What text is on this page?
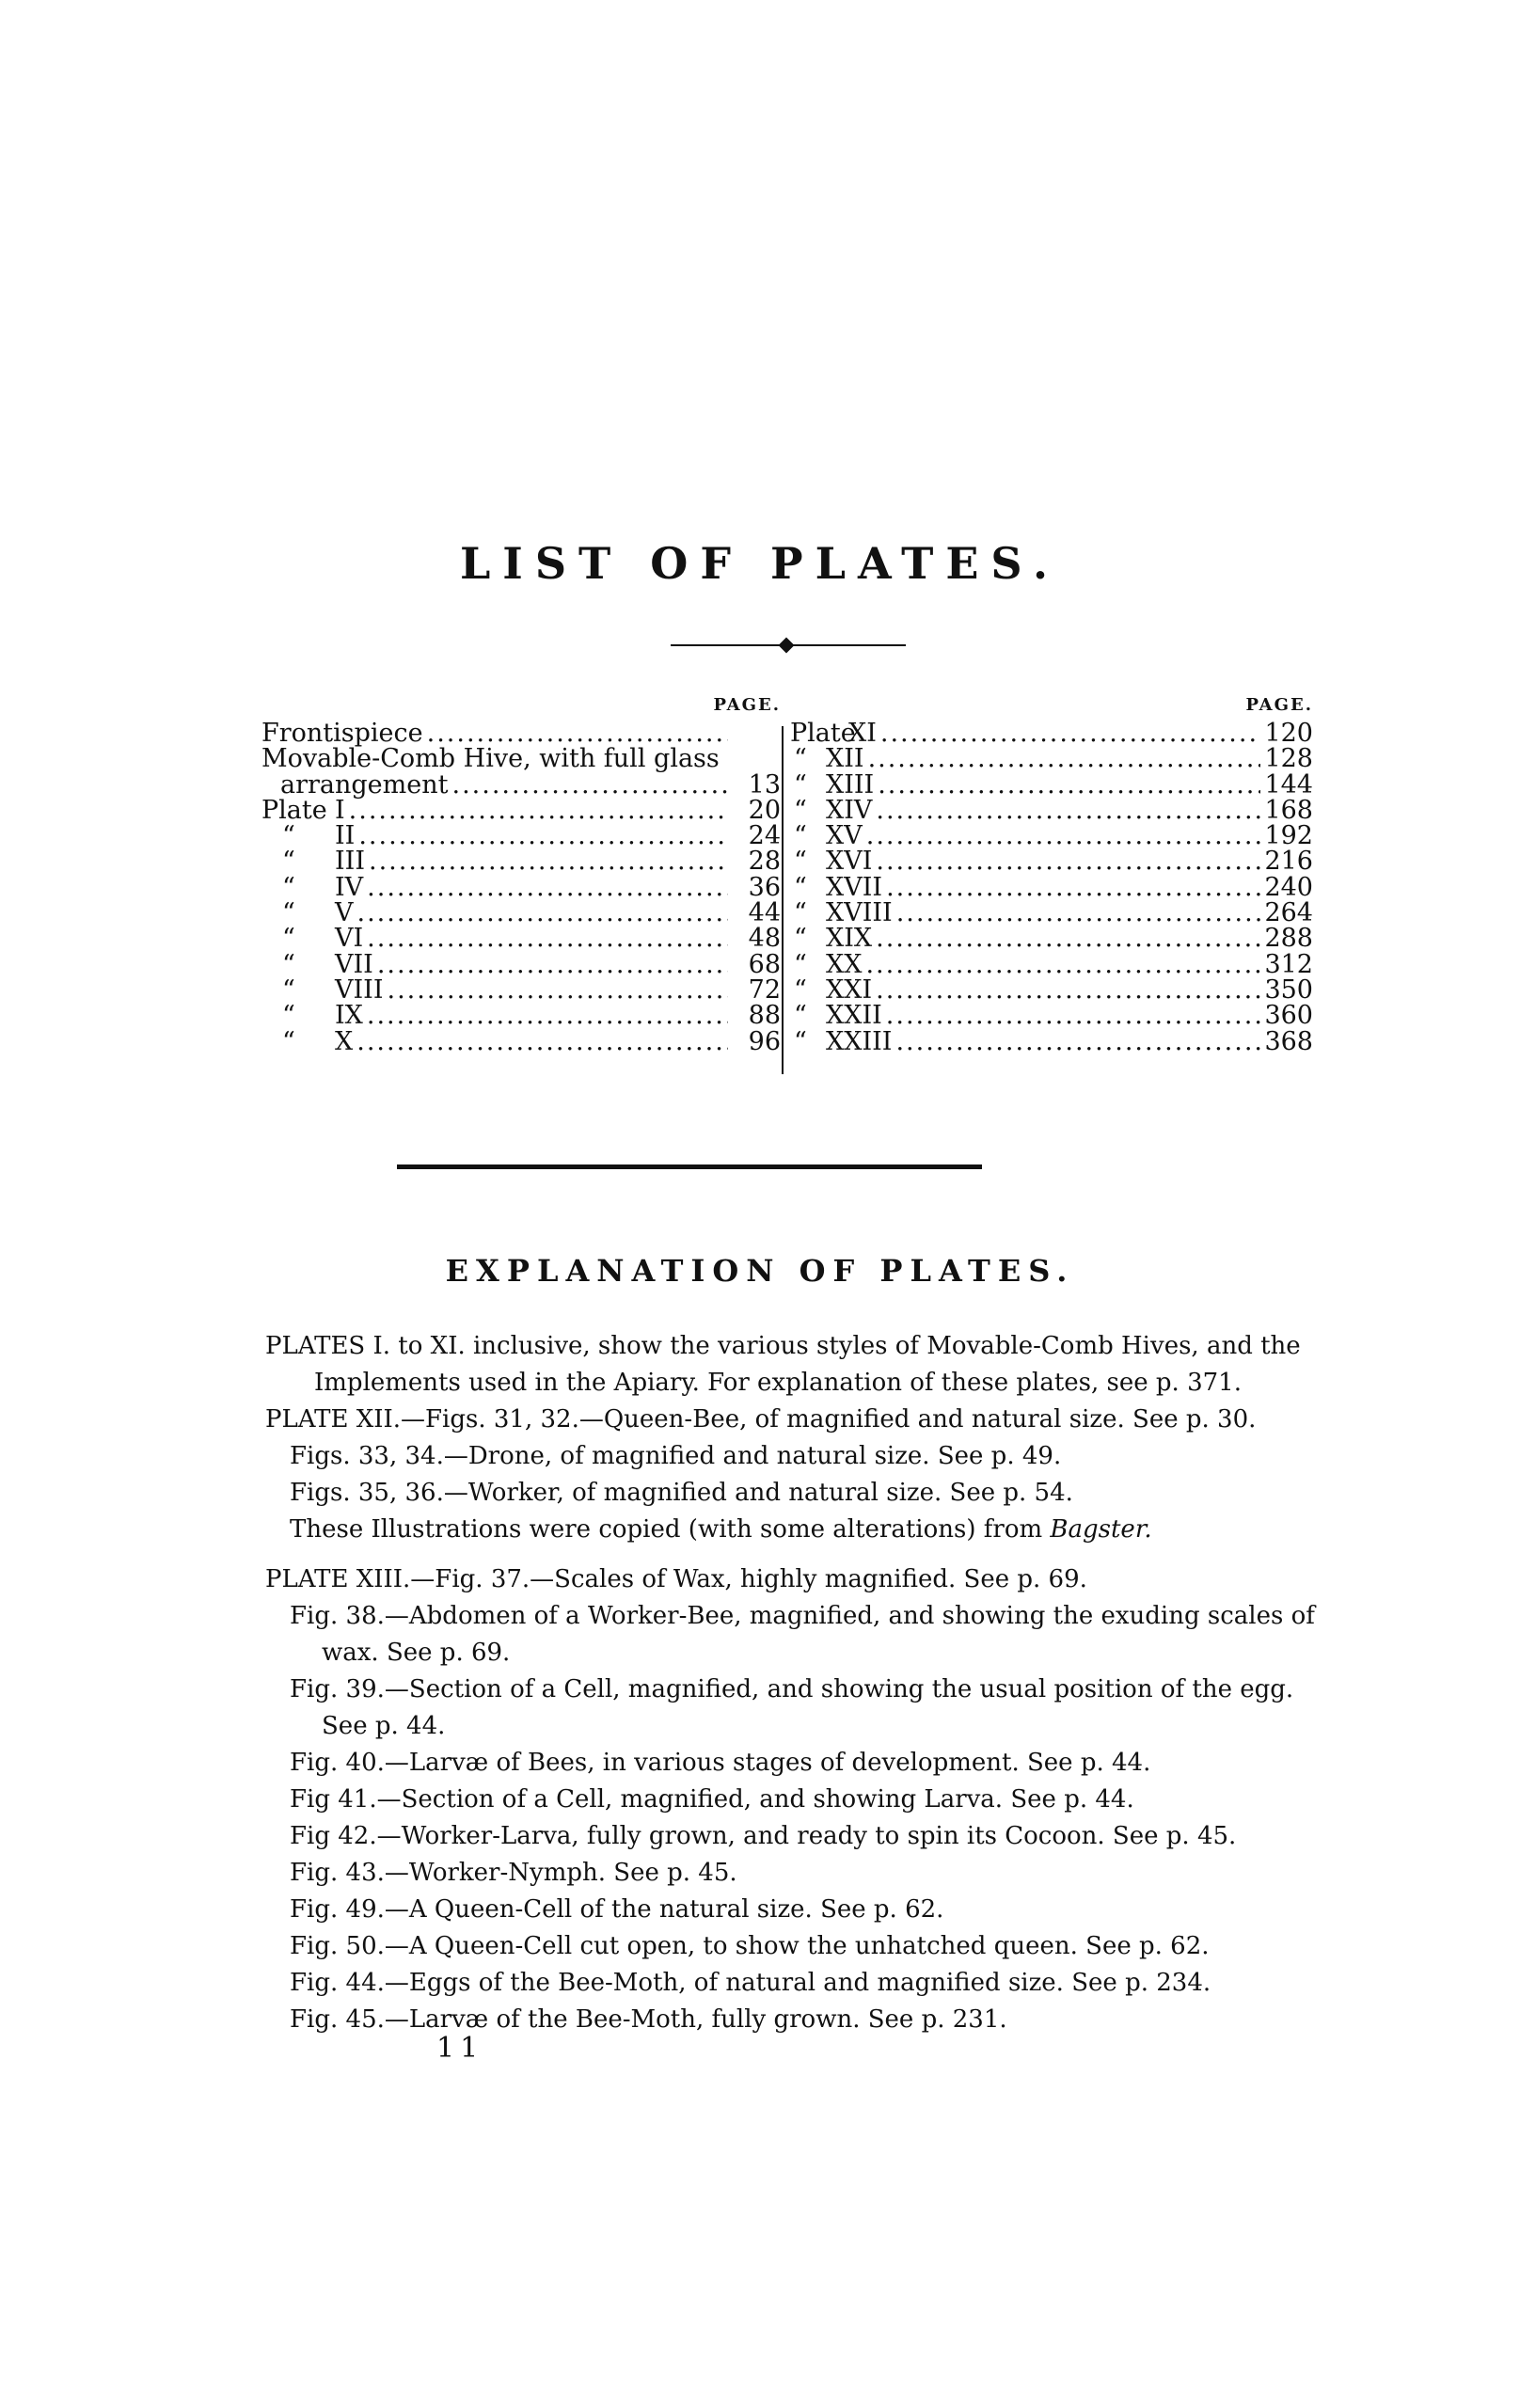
LIST OF PLATES.
PAGE.
Frontispiece
.....
Movable-Comb Hive, with full glass
arrangement .....	13
Plate I .....	20
“ II .....	24
“ III .....	28
“ IV .....	36
“ V .....	44
“ VI .....	48
“ VII .....	68
“ VIII .....	72
“ IX .....	88
“ X .....	96
PAGE.
PlateXI .....	120
“ XII .....	128
“ XIII .....	144
“ XIV .....	168
“ XV .....	192
“ XVI .....	216
“ XVII .....	240
“ XVIII .....	264
“ XIX .....	288
“ XX .....	312
“ XXI .....	350
“ XXII .....	360
“ XXIII .....	368
EXPLANATION OF PLATES.

PLATES I. to XI. inclusive, show the various styles of Movable-Comb Hives, and the Implements used in the Apiary. For explanation of these plates, see p. 371.

PLATE XII.—Figs. 31, 32.—Queen-Bee, of magnified and natural size. See p. 30.

Figs. 33, 34.—Drone, of magnified and natural size. See p. 49.

Figs. 35, 36.—Worker, of magnified and natural size. See p. 54.

These Illustrations were copied (with some alterations) from Bagster.

PLATE XIII.—Fig. 37.—Scales of Wax, highly magnified. See p. 69.

Fig. 38.—Abdomen of a Worker-Bee, magnified, and showing the exuding scales of wax. See p. 69.

Fig. 39.—Section of a Cell, magnified, and showing the usual position of the egg. See p. 44.

Fig. 40.—Larvæ of Bees, in various stages of development. See p. 44.

Fig 41.—Section of a Cell, magnified, and showing Larva. See p. 44.

Fig 42.—Worker-Larva, fully grown, and ready to spin its Cocoon. See p. 45.

Fig. 43.—Worker-Nymph. See p. 45.

Fig. 49.—A Queen-Cell of the natural size. See p. 62.

Fig. 50.—A Queen-Cell cut open, to show the unhatched queen. See p. 62.

Fig. 44.—Eggs of the Bee-Moth, of natural and magnified size. See p. 234.

Fig. 45.—Larvæ of the Bee-Moth, fully grown. See p. 231.

11
